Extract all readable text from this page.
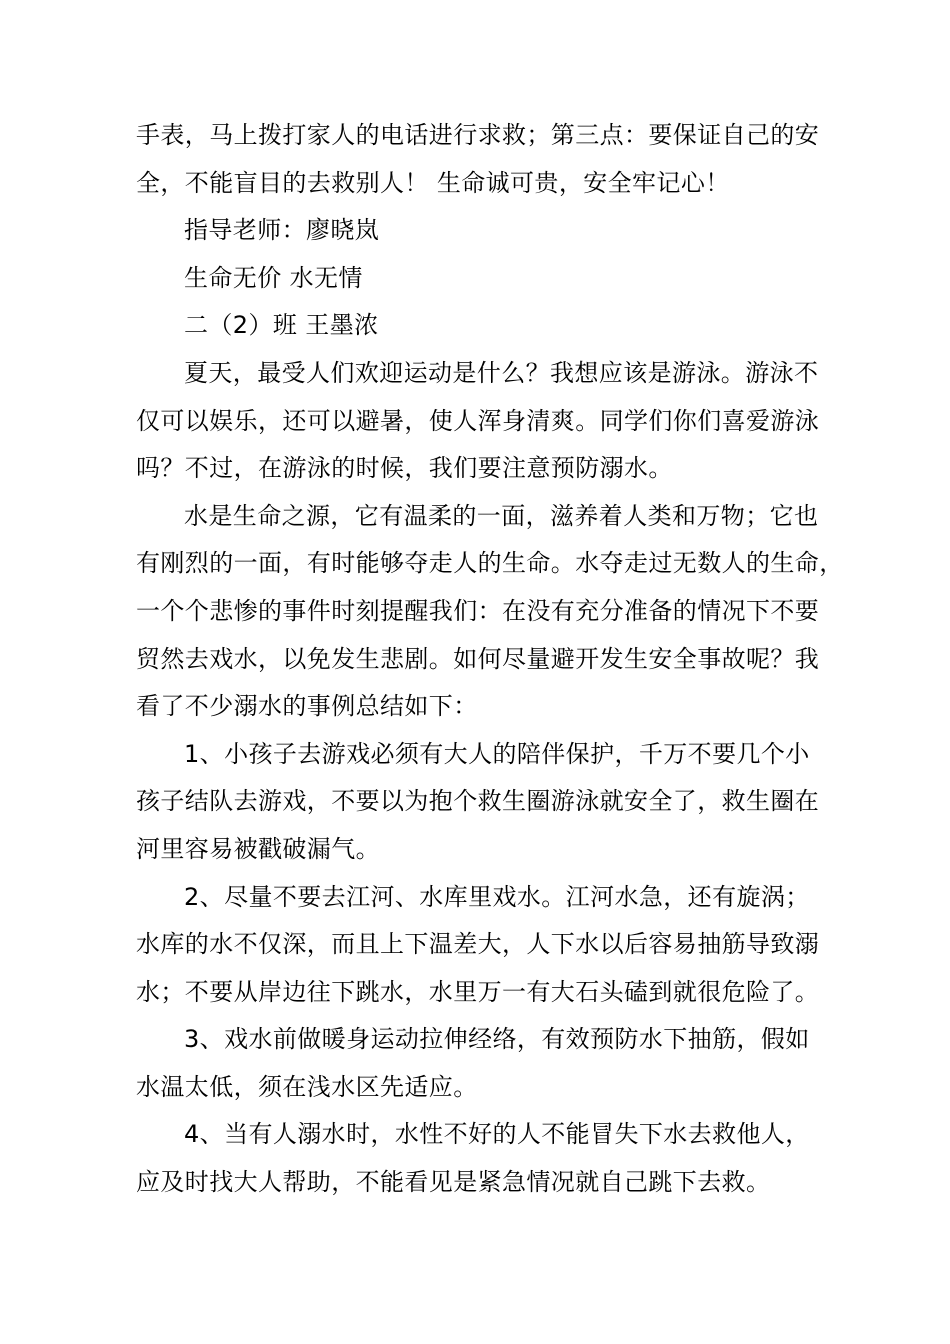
手表，马上拨打家人的电话进行求救；第三点：要保证自己的安
全，不能盲目的去救别人！ 生命诚可贵，安全牢记心！

指导老师：廖晓岚

生命无价 水无情

二（2）班 王墨浓

夏天，最受人们欢迎运动是什么？我想应该是游泳。游泳不
仅可以娱乐，还可以避暑，使人浑身清爽。同学们你们喜爱游泳
吗？不过，在游泳的时候，我们要注意预防溺水。

水是生命之源，它有温柔的一面，滋养着人类和万物；它也
有刚烈的一面，有时能够夺走人的生命。水夺走过无数人的生命，
一个个悲惨的事件时刻提醒我们：在没有充分准备的情况下不要
贸然去戏水，以免发生悲剧。如何尽量避开发生安全事故呢？我
看了不少溺水的事例总结如下：

1、小孩子去游戏必须有大人的陪伴保护，千万不要几个小
孩子结队去游戏，不要以为抱个救生圈游泳就安全了，救生圈在
河里容易被戳破漏气。

2、尽量不要去江河、水库里戏水。江河水急，还有旋涡；
水库的水不仅深，而且上下温差大，人下水以后容易抽筋导致溺
水；不要从岸边往下跳水，水里万一有大石头磕到就很危险了。

3、戏水前做暖身运动拉伸经络，有效预防水下抽筋，假如
水温太低，须在浅水区先适应。

4、当有人溺水时，水性不好的人不能冒失下水去救他人，
应及时找大人帮助，不能看见是紧急情况就自己跳下去救。
